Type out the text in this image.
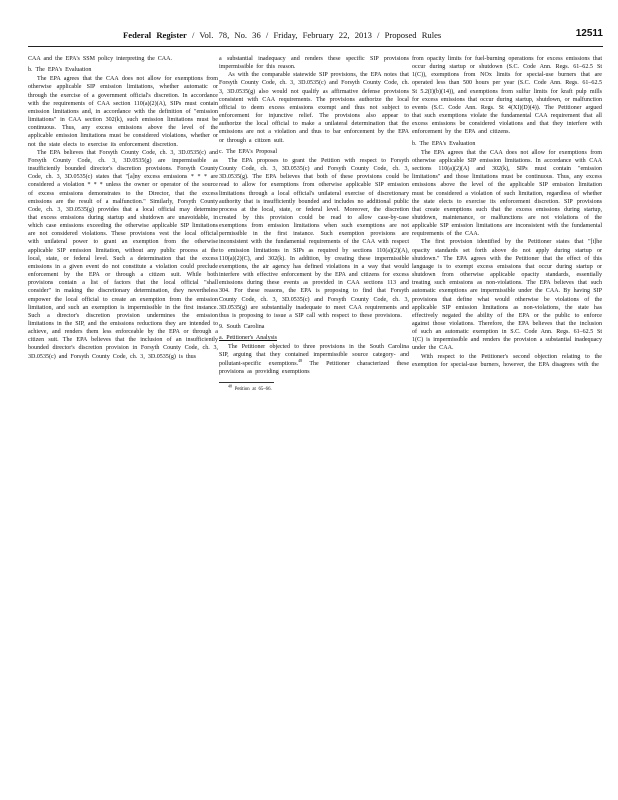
Federal Register / Vol. 78, No. 36 / Friday, February 22, 2013 / Proposed Rules	12511

CAA and the EPA's SSM policy interpreting the CAA.

b. The EPA's Evaluation

The EPA agrees that the CAA does not allow for exemptions from otherwise applicable SIP emission limitations, whether automatic or through the exercise of a government official's discretion. In accordance with the requirements of CAA section 110(a)(2)(A), SIPs must contain emission limitations and, in accordance with the definition of "emission limitations" in CAA section 302(k), such emission limitations must be continuous. Thus, any excess emissions above the level of the applicable emission limitations must be considered violations, whether or not the state elects to exercise its enforcement discretion.

The EPA believes that Forsyth County Code, ch. 3, 3D.0535(c) and Forsyth County Code, ch. 3, 3D.0535(g) are impermissible as insufficiently bounded director's discretion provisions. Forsyth County Code, ch. 3, 3D.0535(c) states that "[a]ny excess emissions * * * are considered a violation * * * unless the owner or operator of the source of excess emissions demonstrates to the Director, that the excess emissions are the result of a malfunction." Similarly, Forsyth County Code, ch. 3, 3D.0535(g) provides that a local official may determine that excess emissions during startup and shutdown are unavoidable, in which case emissions exceeding the otherwise applicable SIP limitations are not considered violations. These provisions vest the local official with unilateral power to grant an exemption from the otherwise applicable SIP emission limitation, without any public process at the local, state, or federal level. Such a determination that the excess emissions in a given event do not constitute a violation could preclude enforcement by the EPA or through a citizen suit. While both provisions contain a list of factors that the local official "shall consider" in making the discretionary determination, they nevertheless empower the local official to create an exemption from the emission limitation, and such an exemption is impermissible in the first instance. Such a director's discretion provision undermines the emission limitations in the SIP, and the emissions reductions they are intended to achieve, and renders them less enforceable by the EPA or through a citizen suit. The EPA believes that the inclusion of an insufficiently bounded director's discretion provision in Forsyth County Code, ch. 3, 3D.0535(c) and Forsyth County Code, ch. 3, 3D.0535(g) is thus

a substantial inadequacy and renders these specific SIP provisions impermissible for this reason.

As with the comparable statewide SIP provisions, the EPA notes that Forsyth County Code, ch. 3, 3D.0535(c) and Forsyth County Code, ch. 3, 3D.0535(g) also would not qualify as affirmative defense provisions consistent with CAA requirements. The provisions authorize the local official to deem excess emissions exempt and thus not subject to enforcement for injunctive relief. The provisions also appear to authorize the local official to make a unilateral determination that the emissions are not a violation and thus to bar enforcement by the EPA or through a citizen suit.

c. The EPA's Proposal

The EPA proposes to grant the Petition with respect to Forsyth County Code, ch. 3, 3D.0535(c) and Forsyth County Code, ch. 3, 3D.0535(g). The EPA believes that both of these provisions could be read to allow for exemptions from otherwise applicable SIP emission limitations through a local official's unilateral exercise of discretionary authority that is insufficiently bounded and includes no additional public process at the local, state, or federal level. Moreover, the discretion created by this provision could be read to allow case-by-case exemptions from emission limitations when such exemptions are not permissible in the first instance. Such exemption provisions are inconsistent with the fundamental requirements of the CAA with respect to emission limitations in SIPs as required by sections 110(a)(2)(A), 110(a)(2)(C), and 302(k). In addition, by creating these impermissible exemptions, the air agency has defined violations in a way that would interfere with effective enforcement by the EPA and citizens for excess emissions during these events as provided in CAA sections 113 and 304. For these reasons, the EPA is proposing to find that Forsyth County Code, ch. 3, 3D.0535(c) and Forsyth County Code, ch. 3, 3D.0535(g) are substantially inadequate to meet CAA requirements and thus is proposing to issue a SIP call with respect to these provisions.

9. South Carolina

a. Petitioner's Analysis

The Petitioner objected to three provisions in the South Carolina SIP, arguing that they contained impermissible source category- and pollutant-specific exemptions.$^{48}$ The Petitioner characterized these provisions as providing exemptions

$^{48}$ Petition at 65–66.

from opacity limits for fuel-burning operations for excess emissions that occur during startup or shutdown (S.C. Code Ann. Regs. 61–62.5 St 1(C)), exemptions from NOx limits for special-use burners that are operated less than 500 hours per year (S.C. Code Ann. Regs. 61–62.5 St 5.2(I)(b)(14)), and exemptions from sulfur limits for kraft pulp mills for excess emissions that occur during startup, shutdown, or malfunction events (S.C. Code Ann. Regs. St 4(XI)(D)(4)). The Petitioner argued that such exemptions violate the fundamental CAA requirement that all excess emissions be considered violations and that they interfere with enforcement by the EPA and citizens.

b. The EPA's Evaluation

The EPA agrees that the CAA does not allow for exemptions from otherwise applicable SIP emission limitations. In accordance with CAA sections 110(a)(2)(A) and 302(k), SIPs must contain "emission limitations" and those limitations must be continuous. Thus, any excess emissions above the level of the applicable SIP emission limitation must be considered a violation of such limitation, regardless of whether the state elects to exercise its enforcement discretion. SIP provisions that create exemptions such that the excess emissions during startup, shutdown, maintenance, or malfunctions are not violations of the applicable SIP emission limitations are inconsistent with the fundamental requirements of the CAA.

The first provision identified by the Petitioner states that "[t]he opacity standards set forth above do not apply during startup or shutdown." The EPA agrees with the Petitioner that the effect of this language is to exempt excess emissions that occur during startup or shutdown from otherwise applicable opacity standards, essentially treating such emissions as non-violations. The EPA believes that such automatic exemptions are impermissible under the CAA. By having SIP provisions that define what would otherwise be violations of the applicable SIP emission limitations as non-violations, the state has effectively negated the ability of the EPA or the public to enforce against those violations. Therefore, the EPA believes that the inclusion of such an automatic exemption in S.C. Code Ann. Regs. 61–62.5 St 1(C) is impermissible and renders the provision a substantial inadequacy under the CAA.

With respect to the Petitioner's second objection relating to the exemption for special-use burners, however, the EPA disagrees with the
